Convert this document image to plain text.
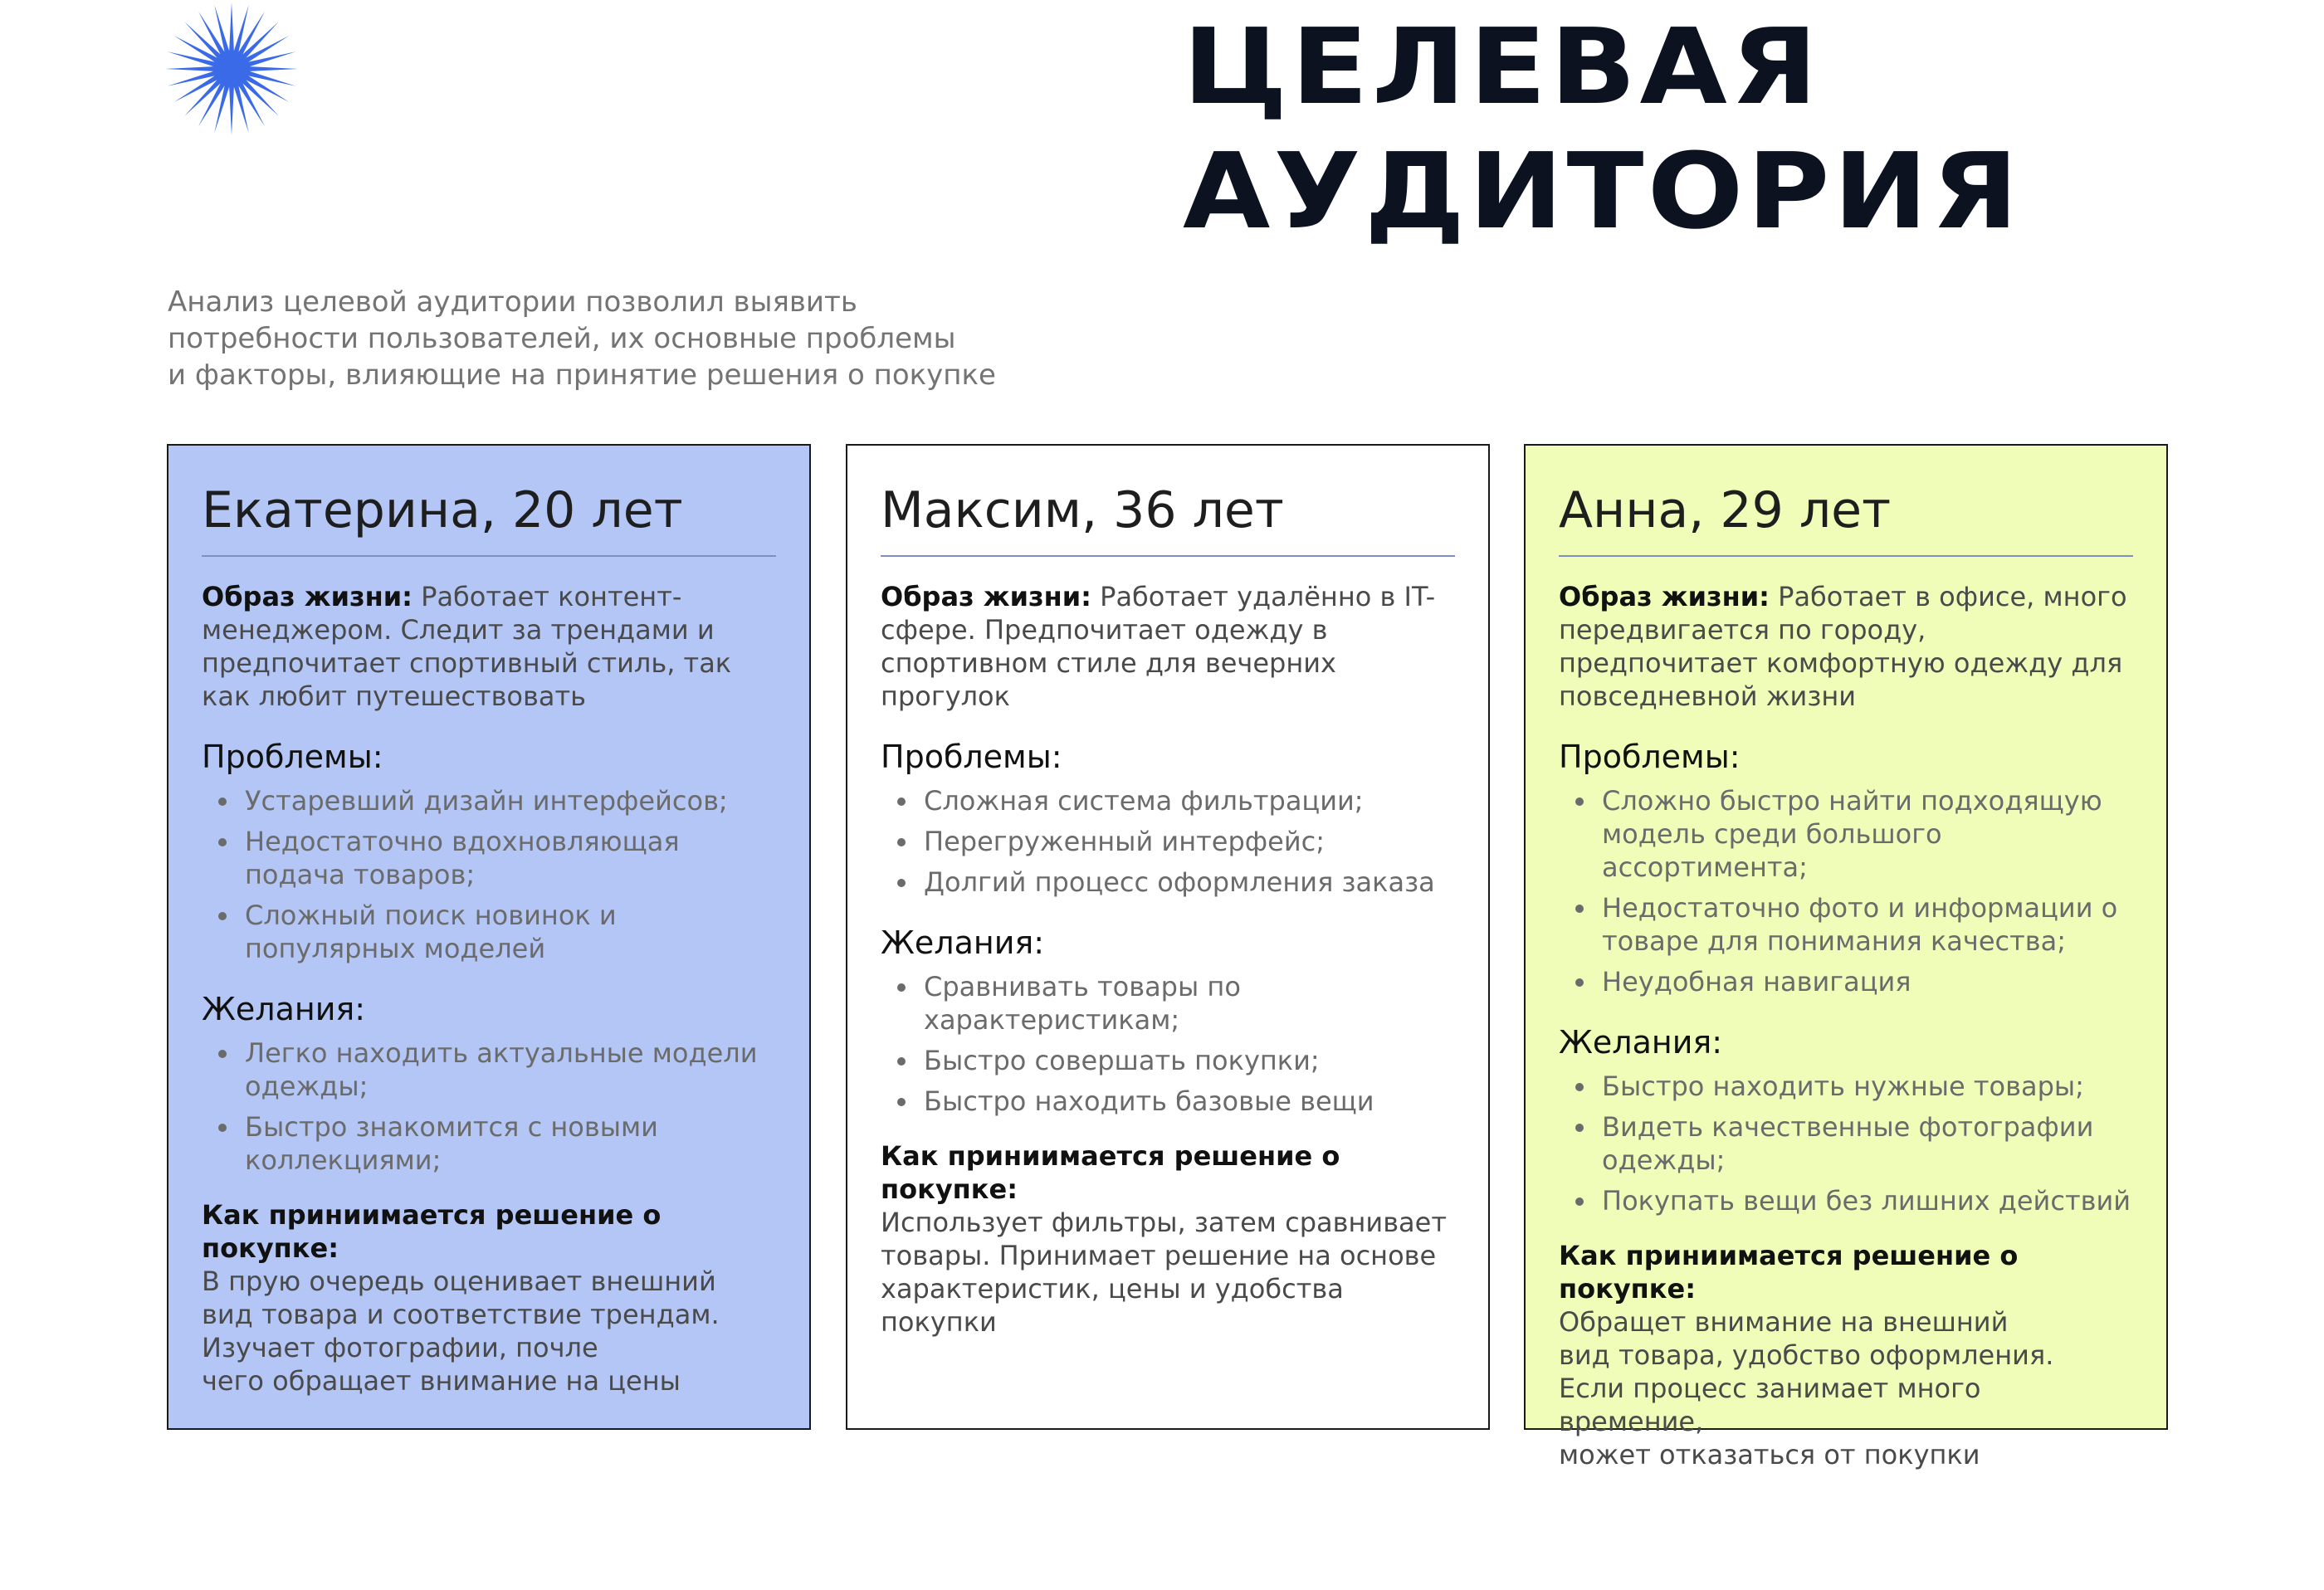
ЦЕЛЕВАЯ
АУДИТОРИЯ

Анализ целевой аудитории позволил выявить
потребности пользователей, их основные проблемы
и факторы, влияющие на принятие решения о покупке

Екатерина, 20 лет

Образ жизни: Работает контент-менеджером. Следит за трендами и предпочитает спортивный стиль, так как любит путешествовать

Проблемы:
Устаревший дизайн интерфейсов;
Недостаточно вдохновляющая подача товаров;
Сложный поиск новинок и популярных моделей
Желания:
Легко находить актуальные модели одежды;
Быстро знакомится с новыми коллекциями;

Как приниимается решение о покупке:

В прую очередь оценивает внешний
вид товара и соответствие трендам.
Изучает фотографии, почле
чего обращает внимание на цены

Максим, 36 лет

Образ жизни: Работает удалённо в IT-сфере. Предпочитает одежду в спортивном стиле для вечерних прогулок

Проблемы:
Сложная система фильтрации;
Перегруженный интерфейс;
Долгий процесс оформления заказа
Желания:
Сравнивать товары по характеристикам;
Быстро совершать покупки;
Быстро находить базовые вещи

Как приниимается решение о покупке:

Использует фильтры, затем сравнивает
товары. Принимает решение на основе
характеристик, цены и удобства покупки

Анна, 29 лет

Образ жизни: Работает в офисе, много передвигается по городу, предпочитает комфортную одежду для повседневной жизни

Проблемы:
Сложно быстро найти подходящую модель среди большого ассортимента;
Недостаточно фото и информации о товаре для понимания качества;
Неудобная навигация
Желания:
Быстро находить нужные товары;
Видеть качественные фотографии одежды;
Покупать вещи без лишних действий

Как приниимается решение о покупке:

Обращет внимание на внешний
вид товара, удобство оформления.
Если процесс занимает много времение,
может отказаться от покупки
